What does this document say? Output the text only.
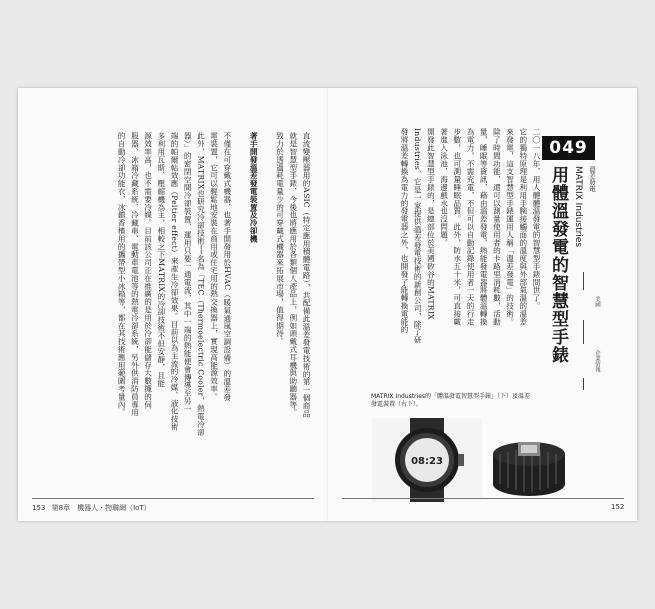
049
溫差發電
MATRIX Industries
用體溫發電的智慧型手錶	美國
企業情報
二〇一八年，用人體體溫發電的智慧型手錶問世了。
它的獨特原理是利用手腕接觸面的溫度與外部氣溫的溫差
來發電，這支智慧型手錶運用人稱「溫差發電」的技術。
除了時間功能，還可以測量使用者的卡路里消耗數，活動
量，睡眠等資訊，藉由溫差發電，熱能發電器將體溫轉換
為電力，不需充電，不但可以自動記錄使用者一天的行走
步數，也可測量睡眠品質。此外，防水五十米，可直接戴
著進入泳池，海邊戲水也沒問題。
開發此智慧型手錶的，是總部位於美國矽谷的MATRIX
Industries。它是一家提供溫差發電技術的新創公司，除了研
發將溫差轉換為電力的發電器之外，也開發了能轉換電能的
MATRIX Industries的「體溫發電智慧型手錶」（下）及溫差發電裝置（右下）。
08:23
直流變壓器用的ASIC（特定應用積體電路），共配備此溫差發電技術的第一個商品
就是智慧型手錶，今後也將應用於各類個人產品上，例如頭戴式耳機與助聽器等。
致力於透過耗電量少的可穿戴式機器來拓展市場，值得期待。
著手開發溫差發電裝置及冷卻機
不僅在可穿戴式機器，也著手開發用於HVAC（暖氣通風空調設備）的溫差發
電裝置，它可以輕鬆地安裝在商用或住宅用的熱交換器上，實現高能源效率。
此外，MATRIX也研究冷卻技術──名為「TEC（Thermoelectric Cooler，熱電冷卻
器）」的密閉空間冷卻裝置，運用只要一通電流，其中一端的熱能便會傳導至另一
端的帕爾帖效應（Peltier effect）來產生冷卻效果。目前以為主流的冷媒、液化技術
多利用瓦斯、壓縮機為主，相較之下MATRIX的冷卻技術不但安靜，且能
源效率高，也不需要冷媒。目前該公司正在推廣的是用於冷卻能儲存大數據的伺
服器、冰箱冷藏系統、冷藏車、電動車電池等的熱電冷卻系統，另外供消防員專用
的自動冷卻功能衣，冰鎮香檳用的攜帶型小冰箱等，都在其技術應用範圍考量內。
153 第8章　機器人・物聯網（IoT）	152
